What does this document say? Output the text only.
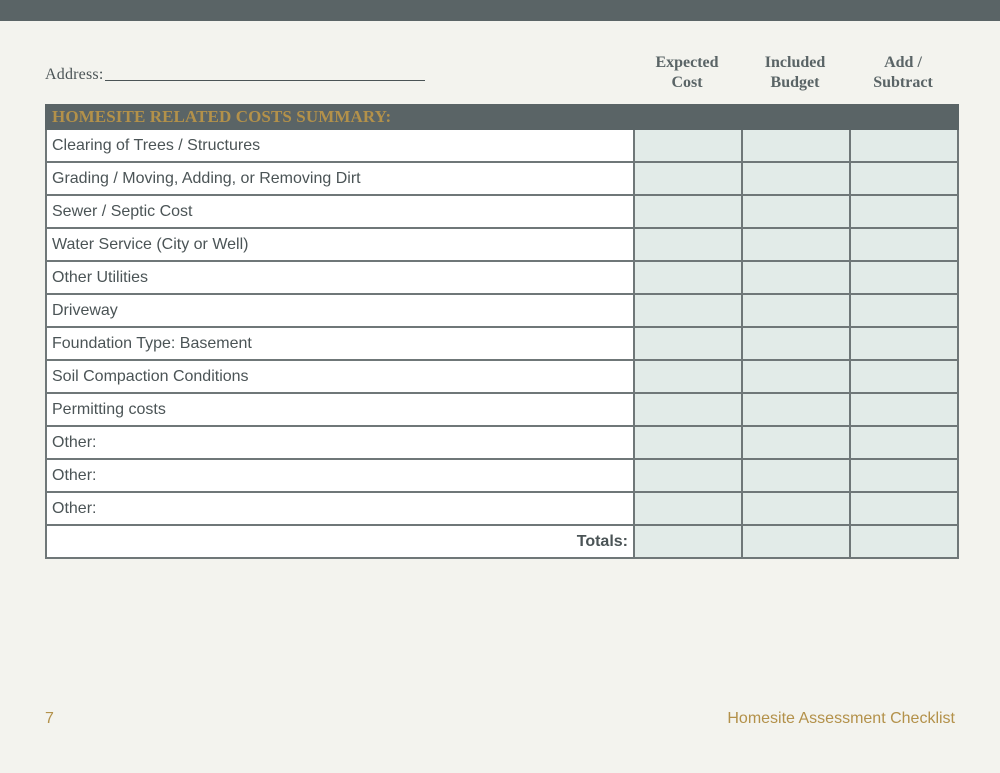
Address:
Expected
Cost
Included
Budget
Add /
Subtract
HOMESITE RELATED COSTS SUMMARY:			
Clearing of Trees / Structures			
Grading / Moving, Adding, or Removing Dirt			
Sewer / Septic Cost			
Water Service (City or Well)			
Other Utilities			
Driveway			
Foundation Type: Basement			
Soil Compaction Conditions			
Permitting costs			
Other:			
Other:			
Other:			
Totals:			
7	Homesite Assessment Checklist
